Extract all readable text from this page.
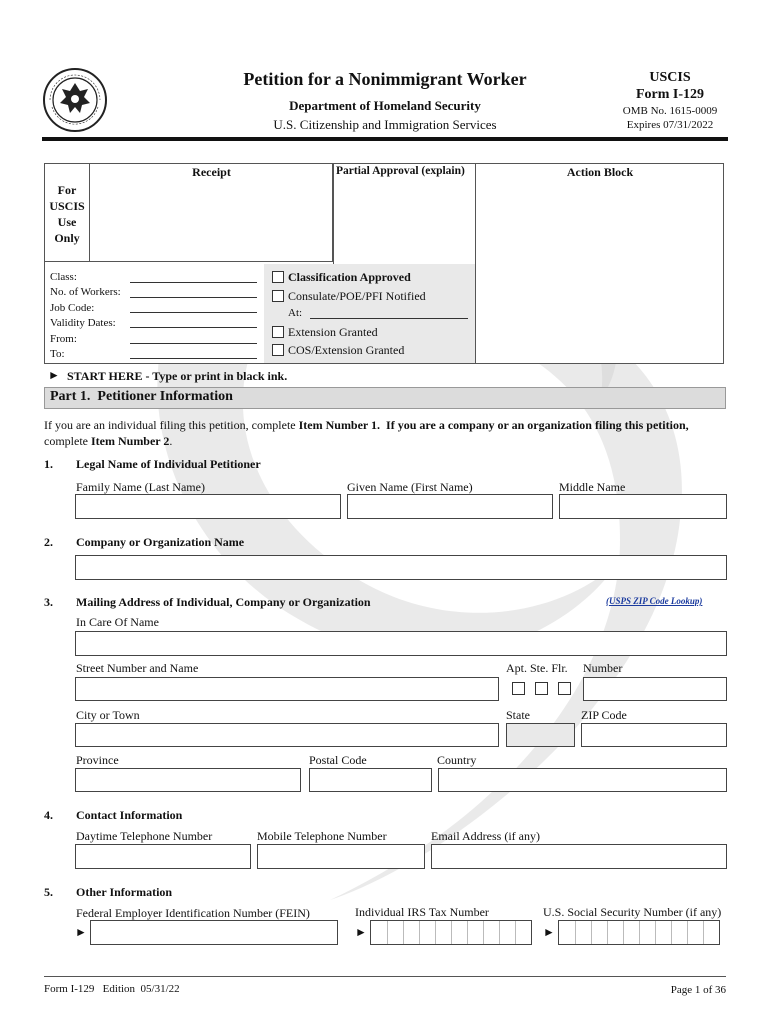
Petition for a Nonimmigrant Worker
Department of Homeland Security
U.S. Citizenship and Immigration Services
USCIS
Form I-129
OMB No. 1615-0009
Expires 07/31/2022
For
USCIS
Use
Only
Receipt	Partial Approval (explain)	Action Block
Class:
No. of Workers:
Job Code:
Validity Dates:
From:
To:
Classification Approved
Consulate/POE/PFI Notified
At:
Extension Granted
COS/Extension Granted
► START HERE - Type or print in black ink.
Part 1.  Petitioner Information
If you are an individual filing this petition, complete Item Number 1.  If you are a company or an organization filing this petition,
complete Item Number 2.
1. Legal Name of Individual Petitioner
Family Name (Last Name)	Given Name (First Name)	Middle Name
2. Company or Organization Name
3. Mailing Address of Individual, Company or Organization	(USPS ZIP Code Lookup)
In Care Of Name
Street Number and Name	Apt. Ste. Flr. Number
City or Town	State	ZIP Code
Province	Postal Code	Country
4. Contact Information
Daytime Telephone Number	Mobile Telephone Number	Email Address (if any)
5. Other Information
Federal Employer Identification Number (FEIN)	Individual IRS Tax Number	U.S. Social Security Number (if any)
►	►	►
Form I-129   Edition  05/31/22	Page 1 of 36
